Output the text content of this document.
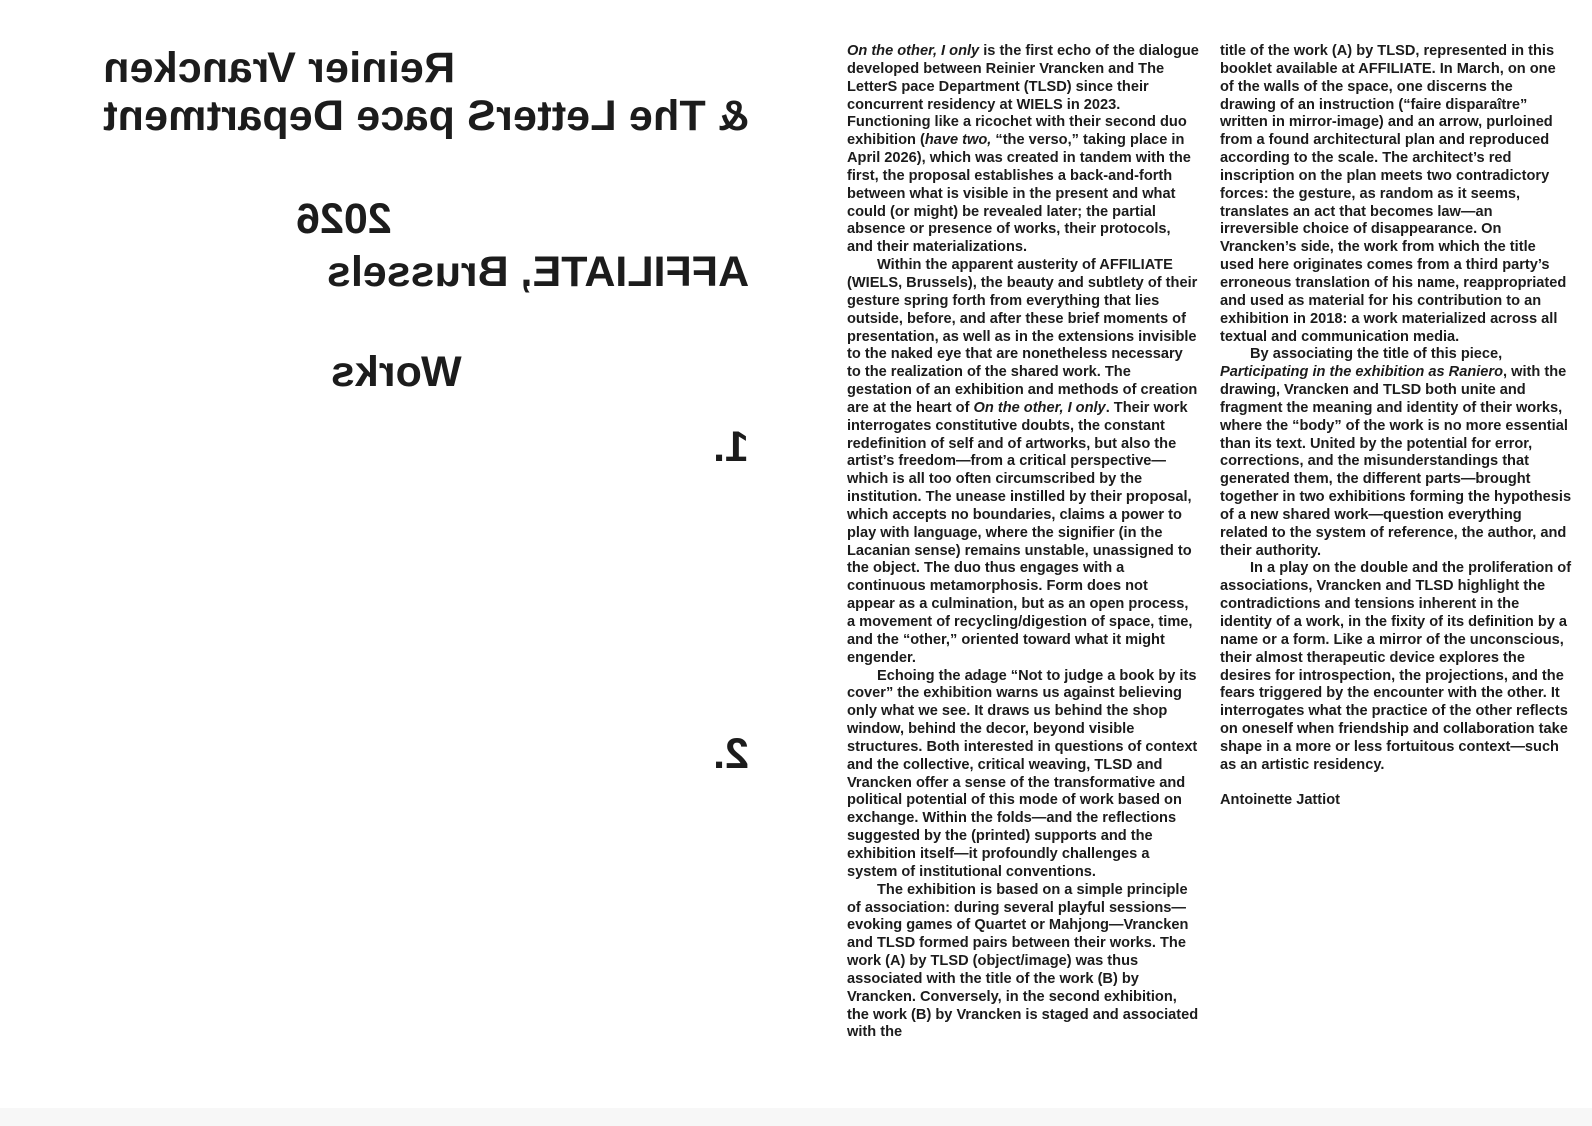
Reinier Vrancken
& The LetterS pace Department
2026
AFFILIATE, Brussels
Works
1.
2.

On the other, I only is the first echo of the dialogue developed between Reinier Vrancken and The LetterS pace Department (TLSD) since their concurrent residency at WIELS in 2023. Functioning like a ricochet with their second duo exhibition (have two, “the verso,” taking place in April 2026), which was created in tandem with the first, the proposal establishes a back-and-forth between what is visible in the present and what could (or might) be revealed later; the partial absence or presence of works, their protocols, and their materializations.

Within the apparent austerity of AFFILIATE (WIELS, Brussels), the beauty and subtlety of their gesture spring forth from everything that lies outside, before, and after these brief moments of presentation, as well as in the extensions invisible to the naked eye that are nonetheless necessary to the realization of the shared work. The gestation of an exhibition and methods of creation are at the heart of On the other, I only. Their work interrogates constitutive doubts, the constant redefinition of self and of artworks, but also the artist’s freedom—from a critical perspective—which is all too often circumscribed by the institution. The unease instilled by their proposal, which accepts no boundaries, claims a power to play with language, where the signifier (in the Lacanian sense) remains unstable, unassigned to the object. The duo thus engages with a continuous metamorphosis. Form does not appear as a culmination, but as an open process, a movement of recycling/digestion of space, time, and the “other,” oriented toward what it might engender.

Echoing the adage “Not to judge a book by its cover” the exhibition warns us against believing only what we see. It draws us behind the shop window, behind the decor, beyond visible structures. Both interested in questions of context and the collective, critical weaving, TLSD and Vrancken offer a sense of the transformative and political potential of this mode of work based on exchange. Within the folds—and the reflections suggested by the (printed) supports and the exhibition itself—it profoundly challenges a system of institutional conventions.

The exhibition is based on a simple principle of association: during several playful sessions—evoking games of Quartet or Mahjong—Vrancken and TLSD formed pairs between their works. The work (A) by TLSD (object/image) was thus associated with the title of the work (B) by Vrancken. Conversely, in the second exhibition, the work (B) by Vrancken is staged and associated with the

title of the work (A) by TLSD, represented in this booklet available at AFFILIATE. In March, on one of the walls of the space, one discerns the drawing of an instruction (“faire disparaître” written in mirror-image) and an arrow, purloined from a found architectural plan and reproduced according to the scale. The architect’s red inscription on the plan meets two contradictory forces: the gesture, as random as it seems, translates an act that becomes law—an irreversible choice of disappearance. On Vrancken’s side, the work from which the title used here originates comes from a third party’s erroneous translation of his name, reappropriated and used as material for his contribution to an exhibition in 2018: a work materialized across all textual and communication media.

By associating the title of this piece, Participating in the exhibition as Raniero, with the drawing, Vrancken and TLSD both unite and fragment the meaning and identity of their works, where the “body” of the work is no more essential than its text. United by the potential for error, corrections, and the misunderstandings that generated them, the different parts—brought together in two exhibitions forming the hypothesis of a new shared work—question everything related to the system of reference, the author, and their authority.

In a play on the double and the proliferation of associations, Vrancken and TLSD highlight the contradictions and tensions inherent in the identity of a work, in the fixity of its definition by a name or a form. Like a mirror of the unconscious, their almost therapeutic device explores the desires for introspection, the projections, and the fears triggered by the encounter with the other. It interrogates what the practice of the other reflects on oneself when friendship and collaboration take shape in a more or less fortuitous context—such as an artistic residency.

Antoinette Jattiot
